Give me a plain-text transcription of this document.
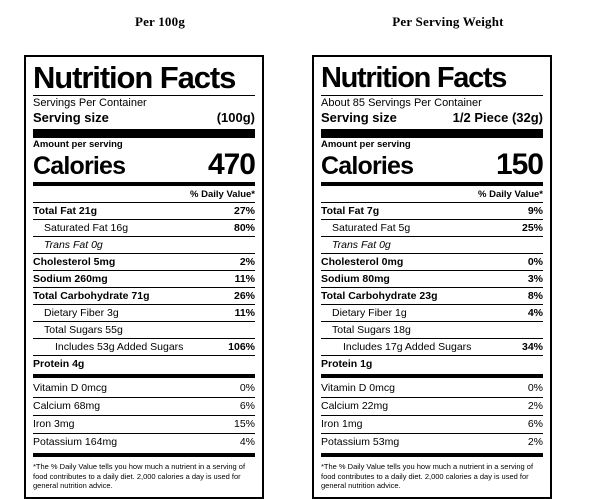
Per 100g
Nutrition Facts
Servings Per Container
Serving size	(100g)
Amount per serving
Calories	470
% Daily Value*
Total Fat 21g	27%
Saturated Fat 16g	80%
Trans Fat 0g
Cholesterol 5mg	2%
Sodium 260mg	11%
Total Carbohydrate 71g	26%
Dietary Fiber 3g	11%
Total Sugars 55g
Includes 53g Added Sugars	106%
Protein 4g
Vitamin D 0mcg	0%
Calcium 68mg	6%
Iron 3mg	15%
Potassium 164mg	4%

*The % Daily Value tells you how much a nutrient in a serving of food contributes to a daily diet. 2,000 calories a day is used for general nutrition advice.

Per Serving Weight
Nutrition Facts
About 85 Servings Per Container
Serving size	1/2 Piece (32g)
Amount per serving
Calories	150
% Daily Value*
Total Fat 7g	9%
Saturated Fat 5g	25%
Trans Fat 0g
Cholesterol 0mg	0%
Sodium 80mg	3%
Total Carbohydrate 23g	8%
Dietary Fiber 1g	4%
Total Sugars 18g
Includes 17g Added Sugars	34%
Protein 1g
Vitamin D 0mcg	0%
Calcium 22mg	2%
Iron 1mg	6%
Potassium 53mg	2%

*The % Daily Value tells you how much a nutrient in a serving of food contributes to a daily diet. 2,000 calories a day is used for general nutrition advice.
